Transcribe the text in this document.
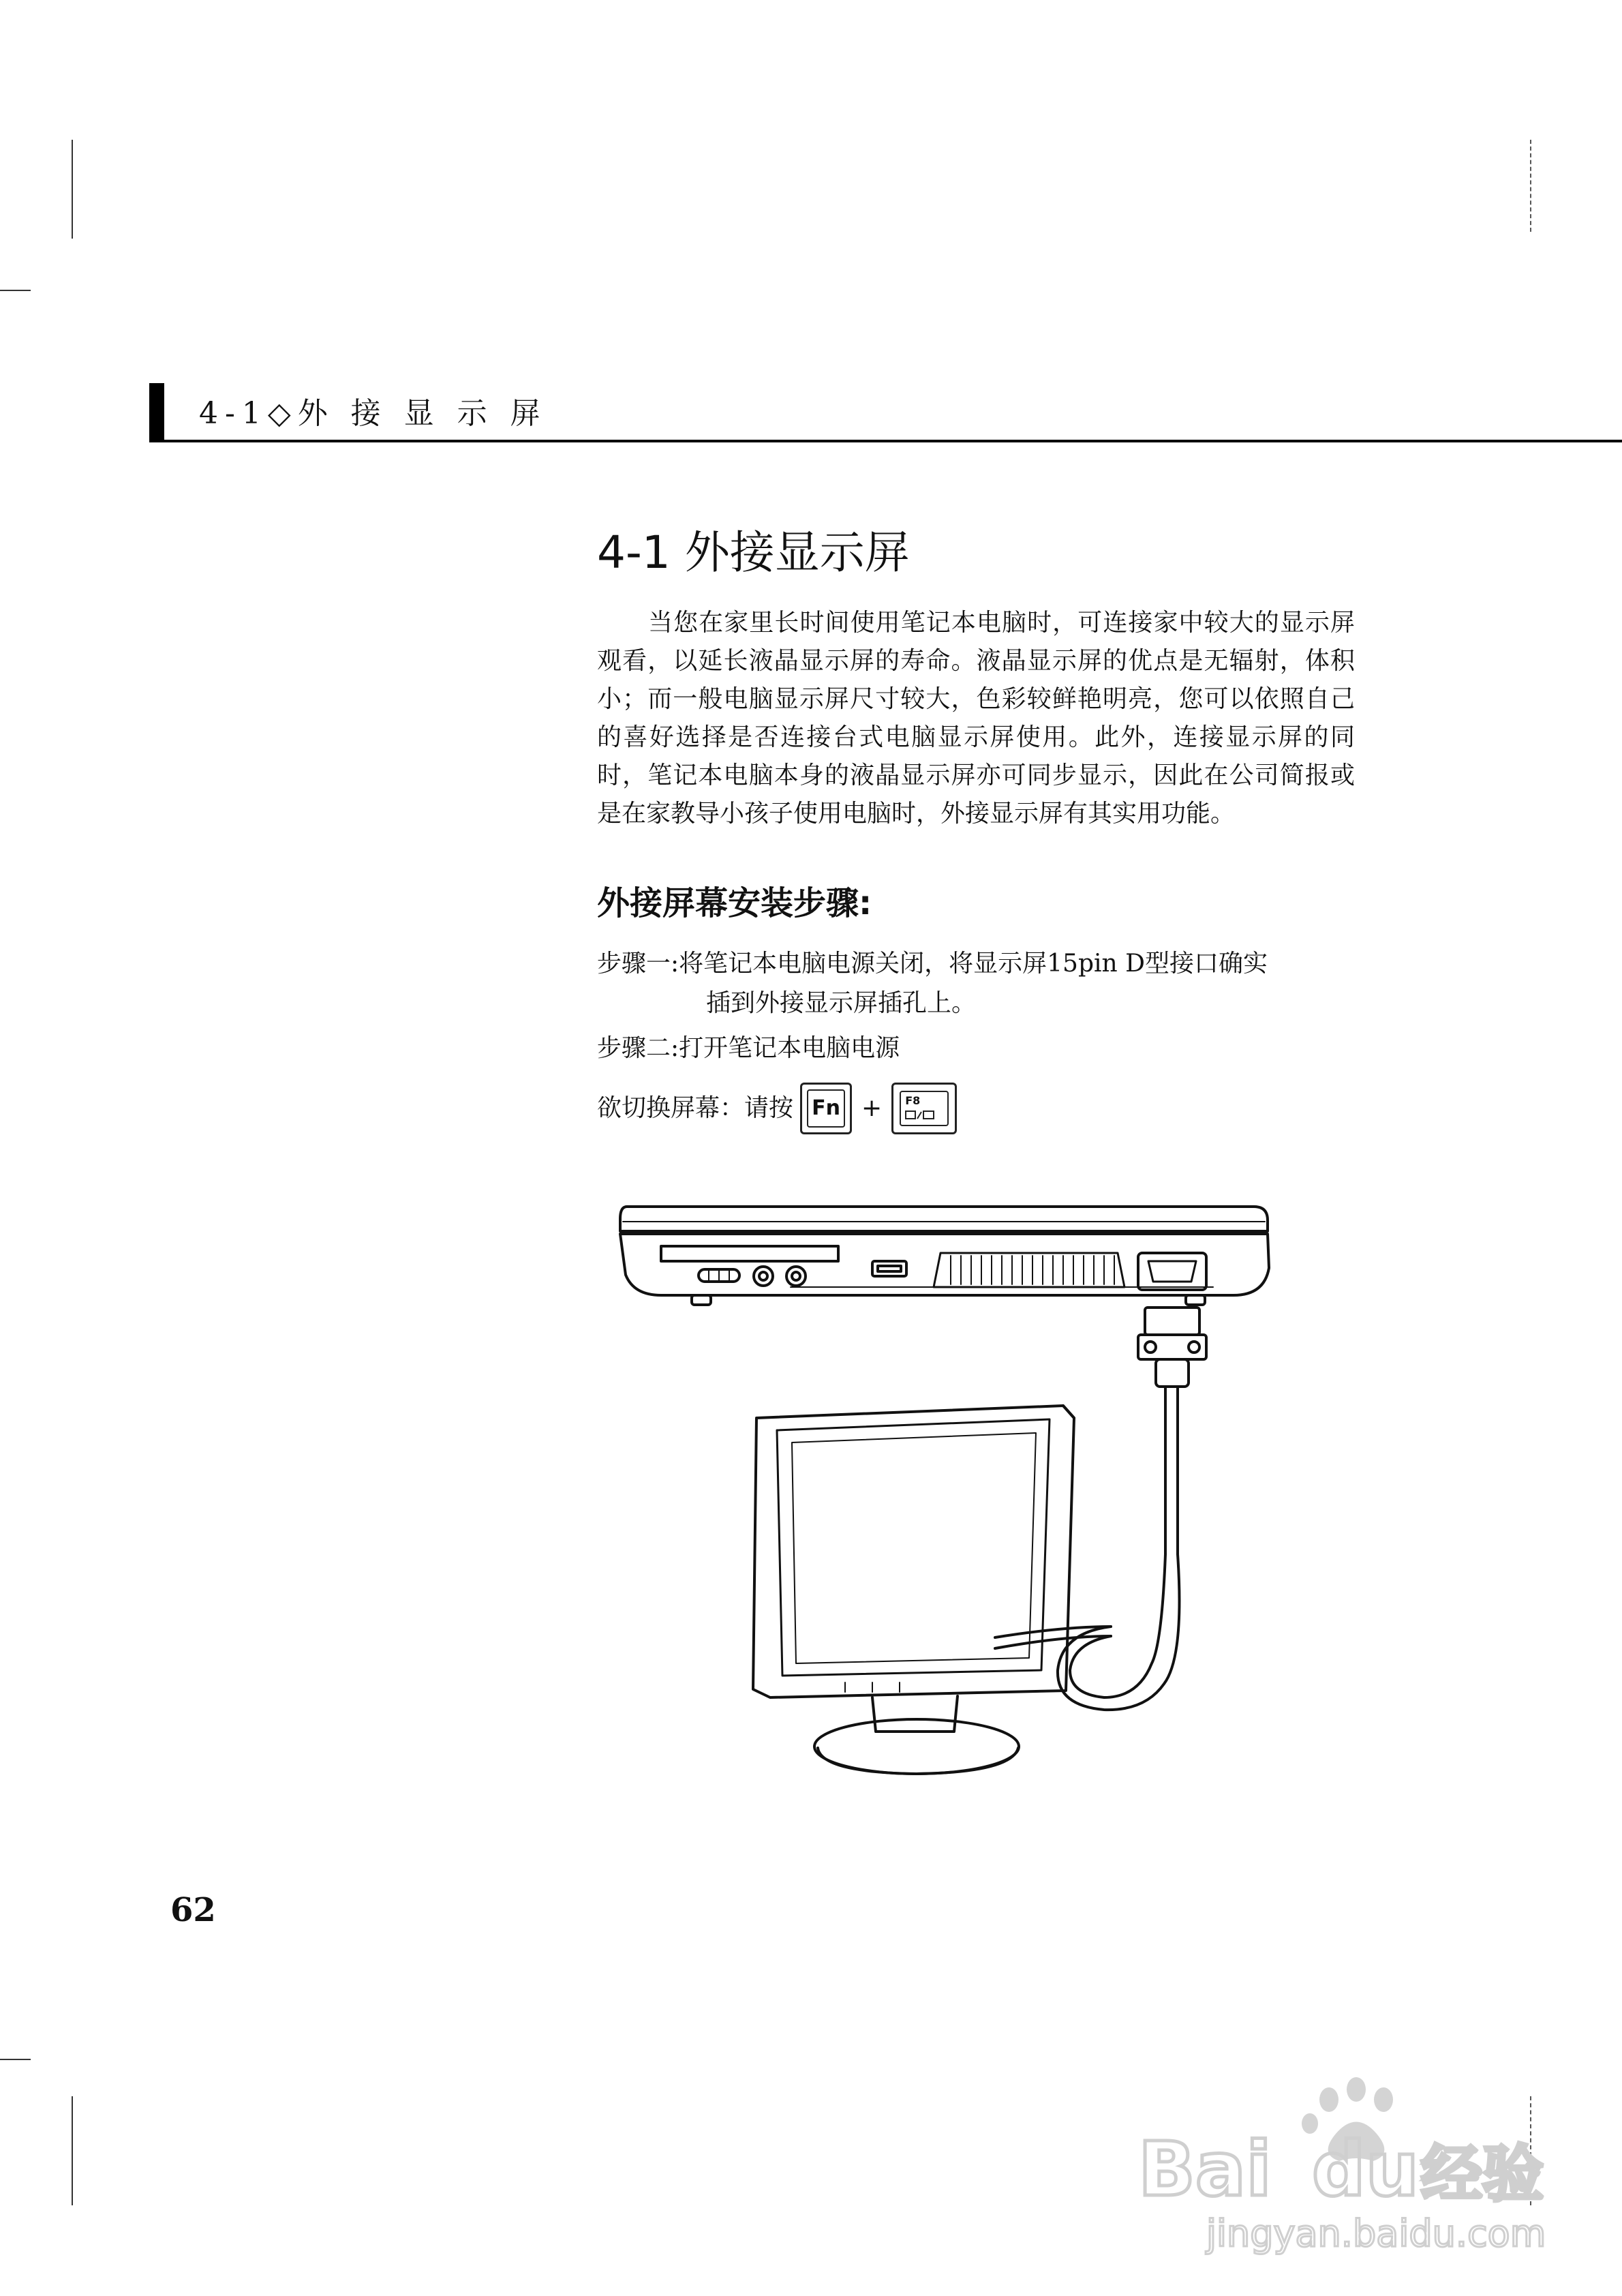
4-1◇外 接 显 示 屏
4-1 外接显示屏

当您在家里长时间使用笔记本电脑时，可连接家中较大的显示屏观看，以延长液晶显示屏的寿命。液晶显示屏的优点是无辐射，体积小；而一般电脑显示屏尺寸较大，色彩较鲜艳明亮，您可以依照自己的喜好选择是否连接台式电脑显示屏使用。此外，连接显示屏的同时，笔记本电脑本身的液晶显示屏亦可同步显示，因此在公司简报或是在家教导小孩子使用电脑时，外接显示屏有其实用功能。

外接屏幕安装步骤:
步骤一:将笔记本电脑电源关闭，将显示屏15pin D型接口确实
插到外接显示屏插孔上。
步骤二:打开笔记本电脑电源
欲切换屏幕：请按 Fn + F8
62
Bai du 经验
jingyan.baidu.com
